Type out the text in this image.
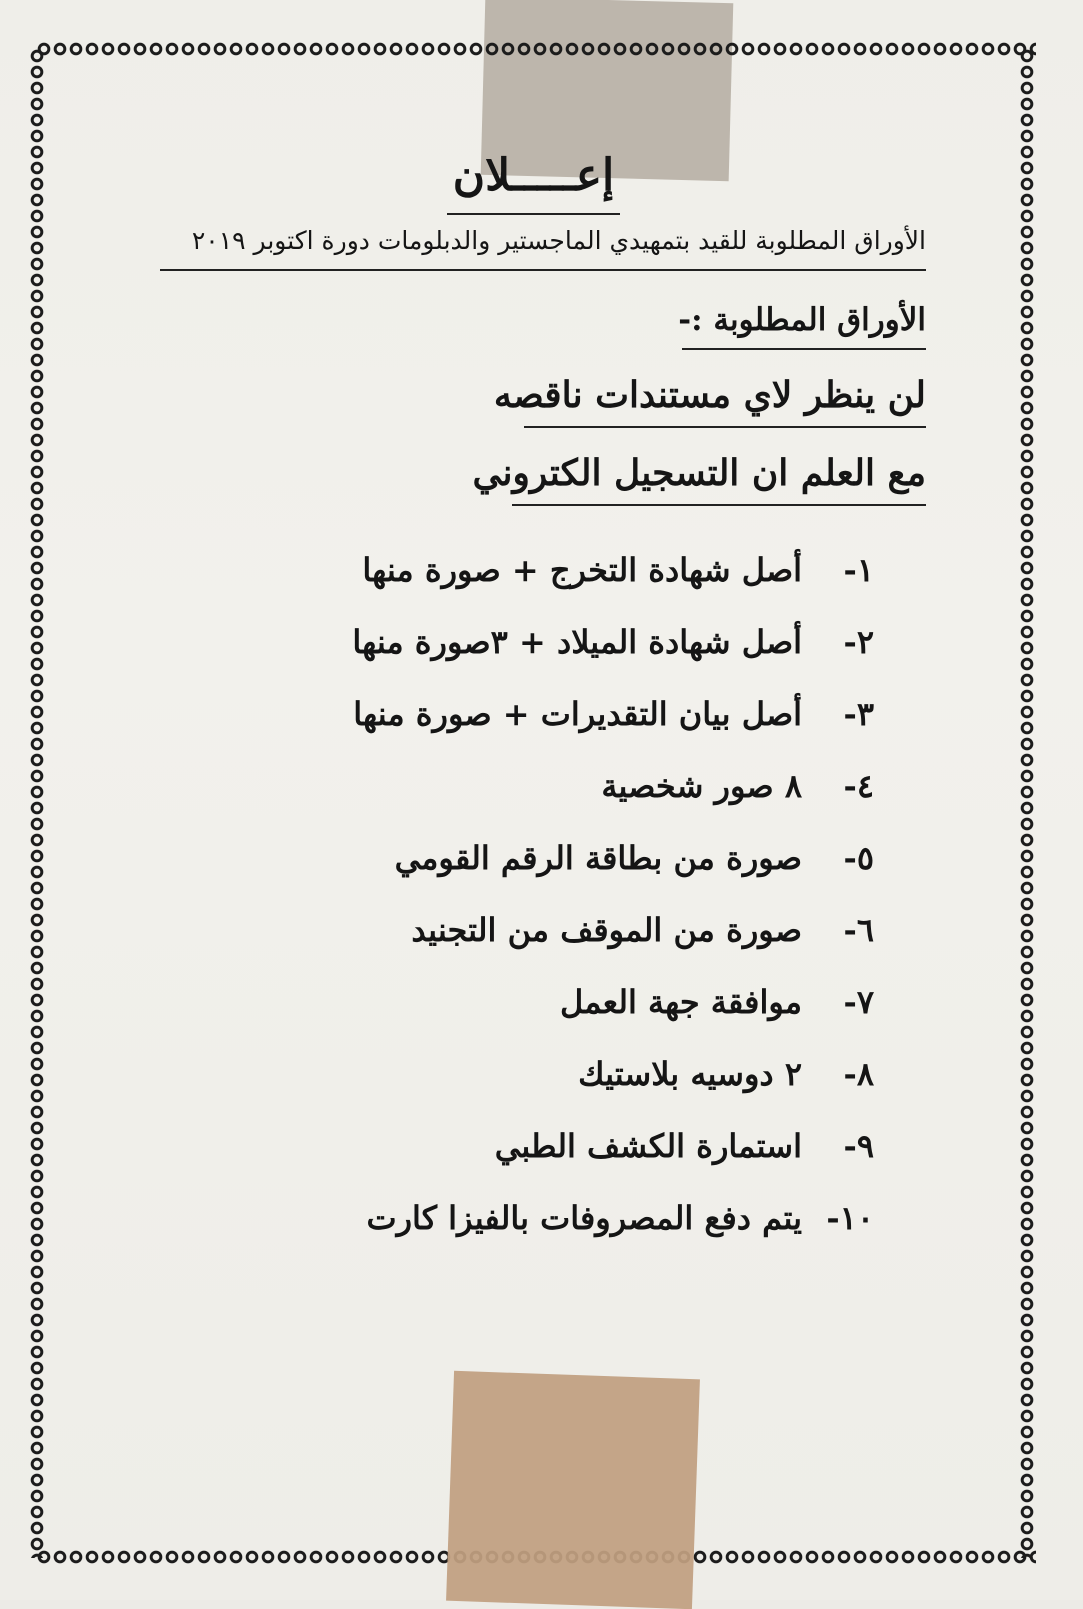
إعـــــلان
الأوراق المطلوبة للقيد بتمهيدي الماجستير والدبلومات دورة اكتوبر ٢٠١٩
الأوراق المطلوبة :-
لن ينظر لاي مستندات ناقصه
مع العلم ان التسجيل الكتروني
١-
أصل شهادة التخرج + صورة منها
٢-
أصل شهادة الميلاد + ٣صورة منها
٣-
أصل بيان التقديرات + صورة منها
٤-
٨ صور شخصية
٥-
صورة من بطاقة الرقم القومي
٦-
صورة من الموقف من التجنيد
٧-
موافقة جهة العمل
٨-
٢ دوسيه بلاستيك
٩-
استمارة الكشف الطبي
١٠-
يتم دفع المصروفات بالفيزا كارت
